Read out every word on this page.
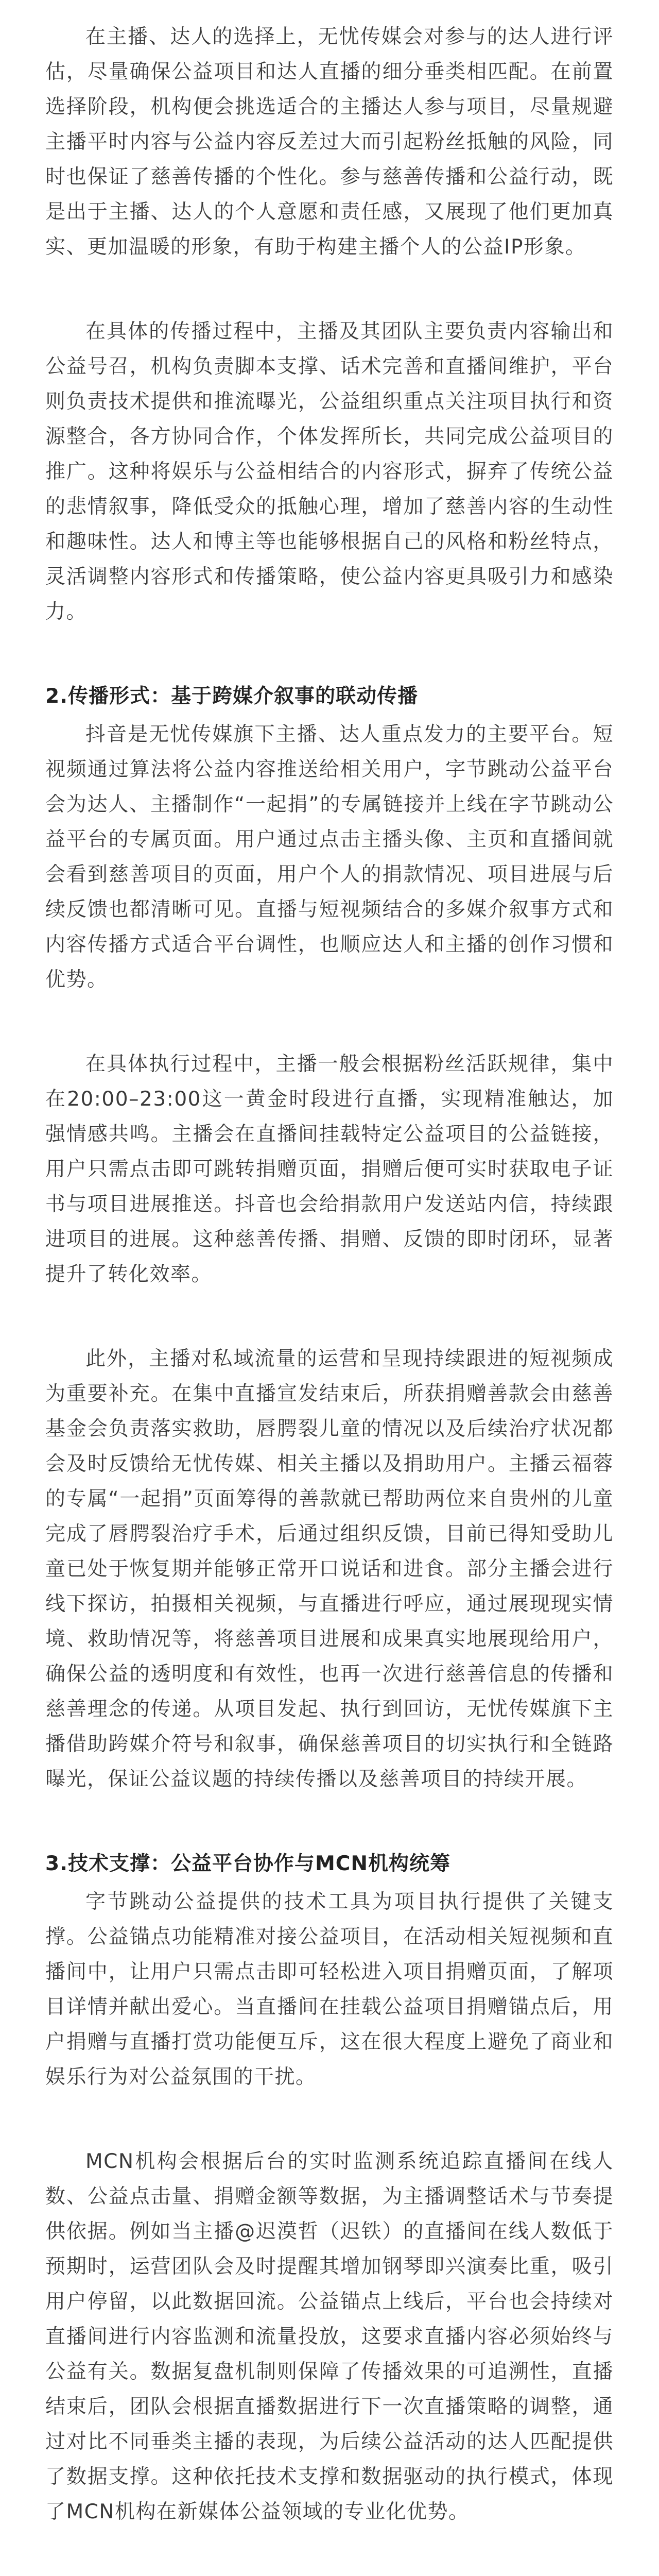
在主播、达人的选择上，无忧传媒会对参与的达人进行评估，尽量确保公益项目和达人直播的细分垂类相匹配。在前置选择阶段，机构便会挑选适合的主播达人参与项目，尽量规避主播平时内容与公益内容反差过大而引起粉丝抵触的风险，同时也保证了慈善传播的个性化。参与慈善传播和公益行动，既是出于主播、达人的个人意愿和责任感，又展现了他们更加真实、更加温暖的形象，有助于构建主播个人的公益IP形象。

在具体的传播过程中，主播及其团队主要负责内容输出和公益号召，机构负责脚本支撑、话术完善和直播间维护，平台则负责技术提供和推流曝光，公益组织重点关注项目执行和资源整合，各方协同合作，个体发挥所长，共同完成公益项目的推广。这种将娱乐与公益相结合的内容形式，摒弃了传统公益的悲情叙事，降低受众的抵触心理，增加了慈善内容的生动性和趣味性。达人和博主等也能够根据自己的风格和粉丝特点，灵活调整内容形式和传播策略，使公益内容更具吸引力和感染力。

2.传播形式：基于跨媒介叙事的联动传播

抖音是无忧传媒旗下主播、达人重点发力的主要平台。短视频通过算法将公益内容推送给相关用户，字节跳动公益平台会为达人、主播制作“一起捐”的专属链接并上线在字节跳动公益平台的专属页面。用户通过点击主播头像、主页和直播间就会看到慈善项目的页面，用户个人的捐款情况、项目进展与后续反馈也都清晰可见。直播与短视频结合的多媒介叙事方式和内容传播方式适合平台调性，也顺应达人和主播的创作习惯和优势。

在具体执行过程中，主播一般会根据粉丝活跃规律，集中在20:00–23:00这一黄金时段进行直播，实现精准触达，加强情感共鸣。主播会在直播间挂载特定公益项目的公益链接，用户只需点击即可跳转捐赠页面，捐赠后便可实时获取电子证书与项目进展推送。抖音也会给捐款用户发送站内信，持续跟进项目的进展。这种慈善传播、捐赠、反馈的即时闭环，显著提升了转化效率。

此外，主播对私域流量的运营和呈现持续跟进的短视频成为重要补充。在集中直播宣发结束后，所获捐赠善款会由慈善基金会负责落实救助，唇腭裂儿童的情况以及后续治疗状况都会及时反馈给无忧传媒、相关主播以及捐助用户。主播云福蓉的专属“一起捐”页面筹得的善款就已帮助两位来自贵州的儿童完成了唇腭裂治疗手术，后通过组织反馈，目前已得知受助儿童已处于恢复期并能够正常开口说话和进食。部分主播会进行线下探访，拍摄相关视频，与直播进行呼应，通过展现现实情境、救助情况等，将慈善项目进展和成果真实地展现给用户，确保公益的透明度和有效性，也再一次进行慈善信息的传播和慈善理念的传递。从项目发起、执行到回访，无忧传媒旗下主播借助跨媒介符号和叙事，确保慈善项目的切实执行和全链路曝光，保证公益议题的持续传播以及慈善项目的持续开展。

3.技术支撑：公益平台协作与MCN机构统筹

字节跳动公益提供的技术工具为项目执行提供了关键支撑。公益锚点功能精准对接公益项目，在活动相关短视频和直播间中，让用户只需点击即可轻松进入项目捐赠页面，了解项目详情并献出爱心。当直播间在挂载公益项目捐赠锚点后，用户捐赠与直播打赏功能便互斥，这在很大程度上避免了商业和娱乐行为对公益氛围的干扰。

MCN机构会根据后台的实时监测系统追踪直播间在线人数、公益点击量、捐赠金额等数据，为主播调整话术与节奏提供依据。例如当主播@迟漠哲（迟铁）的直播间在线人数低于预期时，运营团队会及时提醒其增加钢琴即兴演奏比重，吸引用户停留，以此数据回流。公益锚点上线后，平台也会持续对直播间进行内容监测和流量投放，这要求直播内容必须始终与公益有关。数据复盘机制则保障了传播效果的可追溯性，直播结束后，团队会根据直播数据进行下一次直播策略的调整，通过对比不同垂类主播的表现，为后续公益活动的达人匹配提供了数据支撑。这种依托技术支撑和数据驱动的执行模式，体现了MCN机构在新媒体公益领域的专业化优势。
